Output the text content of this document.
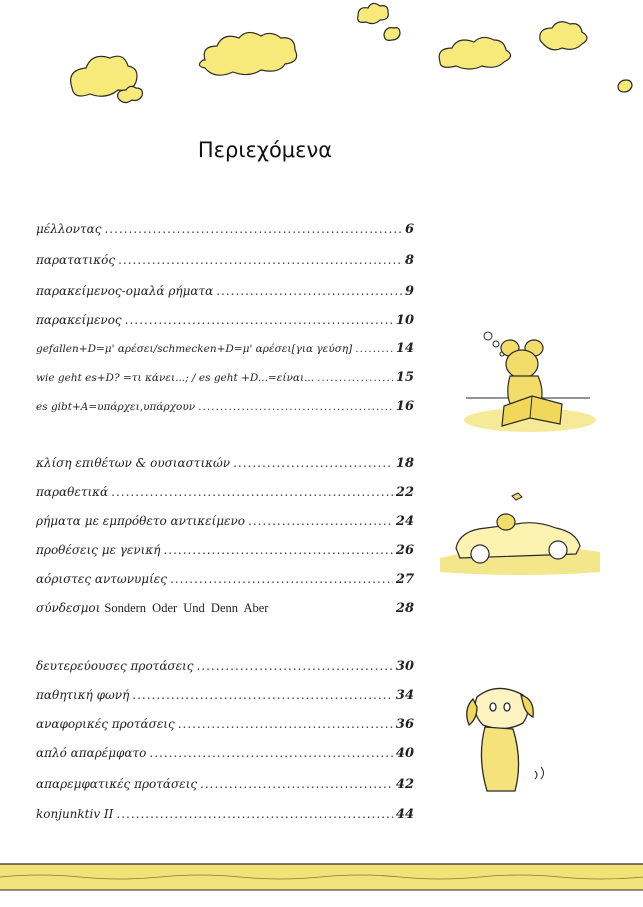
Περιεχόμενα
μέλλοντας .....	6
παρατατικός .....	8
παρακείμενος-ομαλά ρήματα .....	9
παρακείμενος .....	10
gefallen+D=μ' αρέσει/schmecken+D=μ' αρέσει[για γεύση] .....	14
wie geht es+D? =τι κάνει...; / es geht +D...=είναι... .....	15
es gibt+A=υπάρχει,υπάρχουν .....	16
κλίση επιθέτων & ουσιαστικών .....	18
παραθετικά .....	22
ρήματα με εμπρόθετο αντικείμενο .....	24
προθέσεις με γενική .....	26
αόριστες αντωνυμίες .....	27
σύνδεσμοι Sondern Oder Und Denn Aber	28
δευτερεύουσες προτάσεις .....	30
παθητική φωνή .....	34
αναφορικές προτάσεις .....	36
απλό απαρέμφατο .....	40
απαρεμφατικές προτάσεις .....	42
konjunktiv II .....	44
